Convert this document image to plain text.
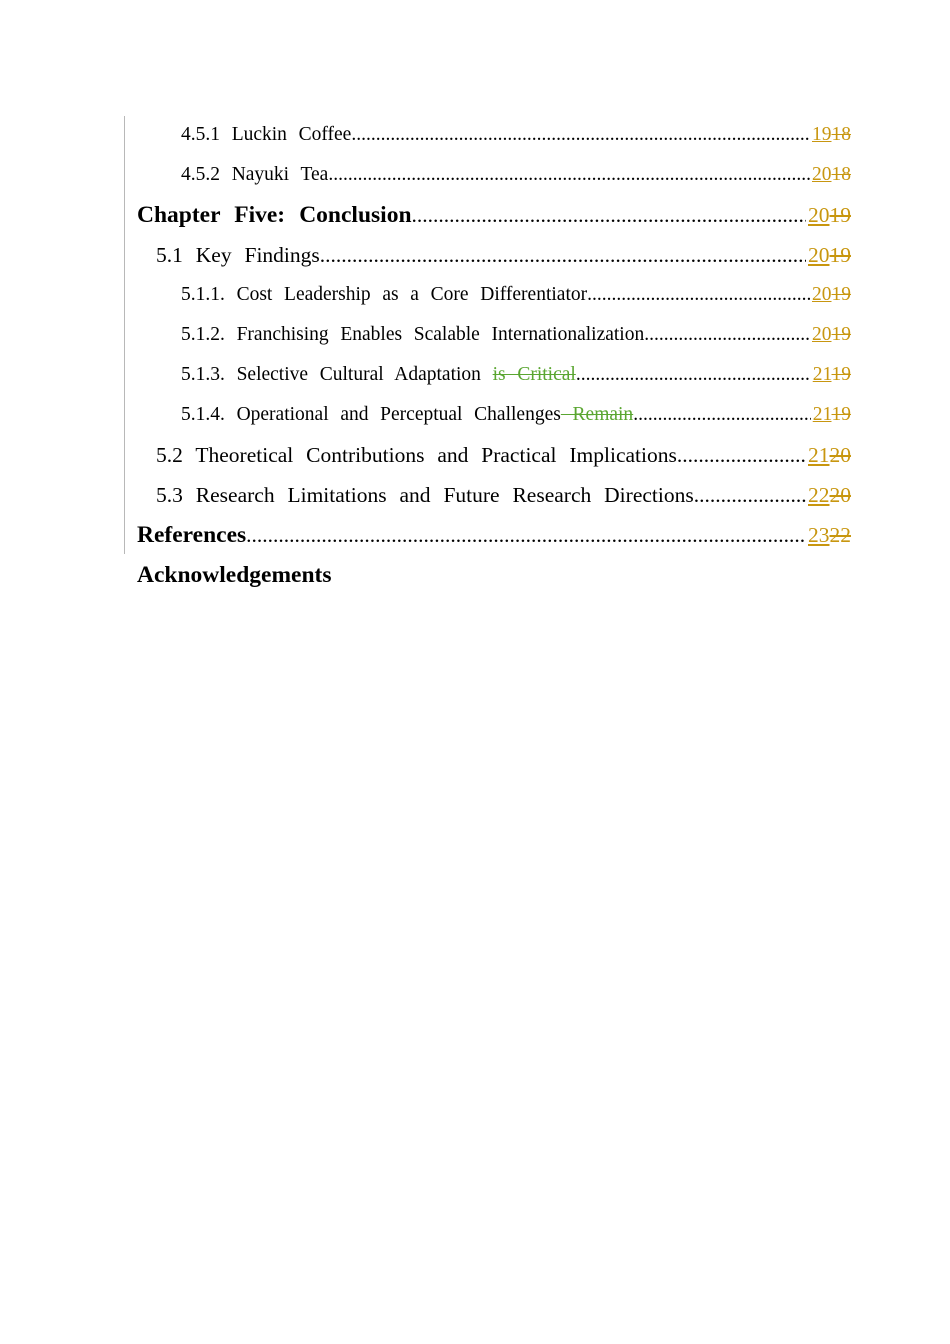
4.5.1 Luckin Coffee .....	1918
4.5.2 Nayuki Tea .....	2018
Chapter Five: Conclusion .....	2019
5.1 Key Findings .....	2019
5.1.1. Cost Leadership as a Core Differentiator .....	2019
5.1.2. Franchising Enables Scalable Internationalization .....	2019
5.1.3. Selective Cultural Adaptation is Critical .....	2119
5.1.4. Operational and Perceptual Challenges Remain .....	2119
5.2 Theoretical Contributions and Practical Implications .....	2120
5.3 Research Limitations and Future Research Directions .....	2220
References .....	2322
Acknowledgements
